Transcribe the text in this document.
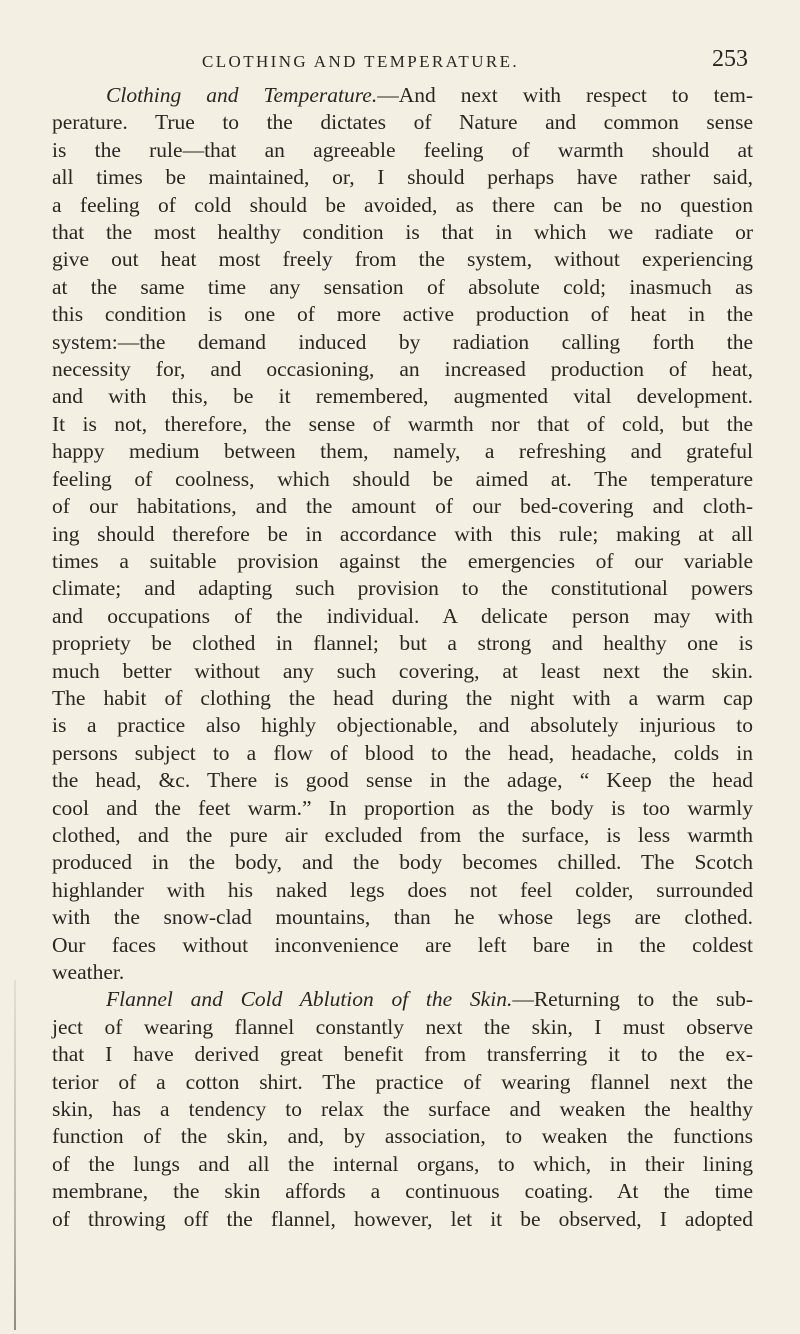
CLOTHING AND TEMPERATURE.	253
Clothing and Temperature.—And next with respect to tem-
perature. True to the dictates of Nature and common sense
is the rule—that an agreeable feeling of warmth should at
all times be maintained, or, I should perhaps have rather said,
a feeling of cold should be avoided, as there can be no question
that the most healthy condition is that in which we radiate or
give out heat most freely from the system, without experiencing
at the same time any sensation of absolute cold; inasmuch as
this condition is one of more active production of heat in the
system:—the demand induced by radiation calling forth the
necessity for, and occasioning, an increased production of heat,
and with this, be it remembered, augmented vital development.
It is not, therefore, the sense of warmth nor that of cold, but the
happy medium between them, namely, a refreshing and grateful
feeling of coolness, which should be aimed at. The temperature
of our habitations, and the amount of our bed-covering and cloth-
ing should therefore be in accordance with this rule; making at all
times a suitable provision against the emergencies of our variable
climate; and adapting such provision to the constitutional powers
and occupations of the individual. A delicate person may with
propriety be clothed in flannel; but a strong and healthy one is
much better without any such covering, at least next the skin.
The habit of clothing the head during the night with a warm cap
is a practice also highly objectionable, and absolutely injurious to
persons subject to a flow of blood to the head, headache, colds in
the head, &c. There is good sense in the adage, “ Keep the head
cool and the feet warm.” In proportion as the body is too warmly
clothed, and the pure air excluded from the surface, is less warmth
produced in the body, and the body becomes chilled. The Scotch
highlander with his naked legs does not feel colder, surrounded
with the snow-clad mountains, than he whose legs are clothed.
Our faces without inconvenience are left bare in the coldest
weather.
Flannel and Cold Ablution of the Skin.—Returning to the sub-
ject of wearing flannel constantly next the skin, I must observe
that I have derived great benefit from transferring it to the ex-
terior of a cotton shirt. The practice of wearing flannel next the
skin, has a tendency to relax the surface and weaken the healthy
function of the skin, and, by association, to weaken the functions
of the lungs and all the internal organs, to which, in their lining
membrane, the skin affords a continuous coating. At the time
of throwing off the flannel, however, let it be observed, I adopted
